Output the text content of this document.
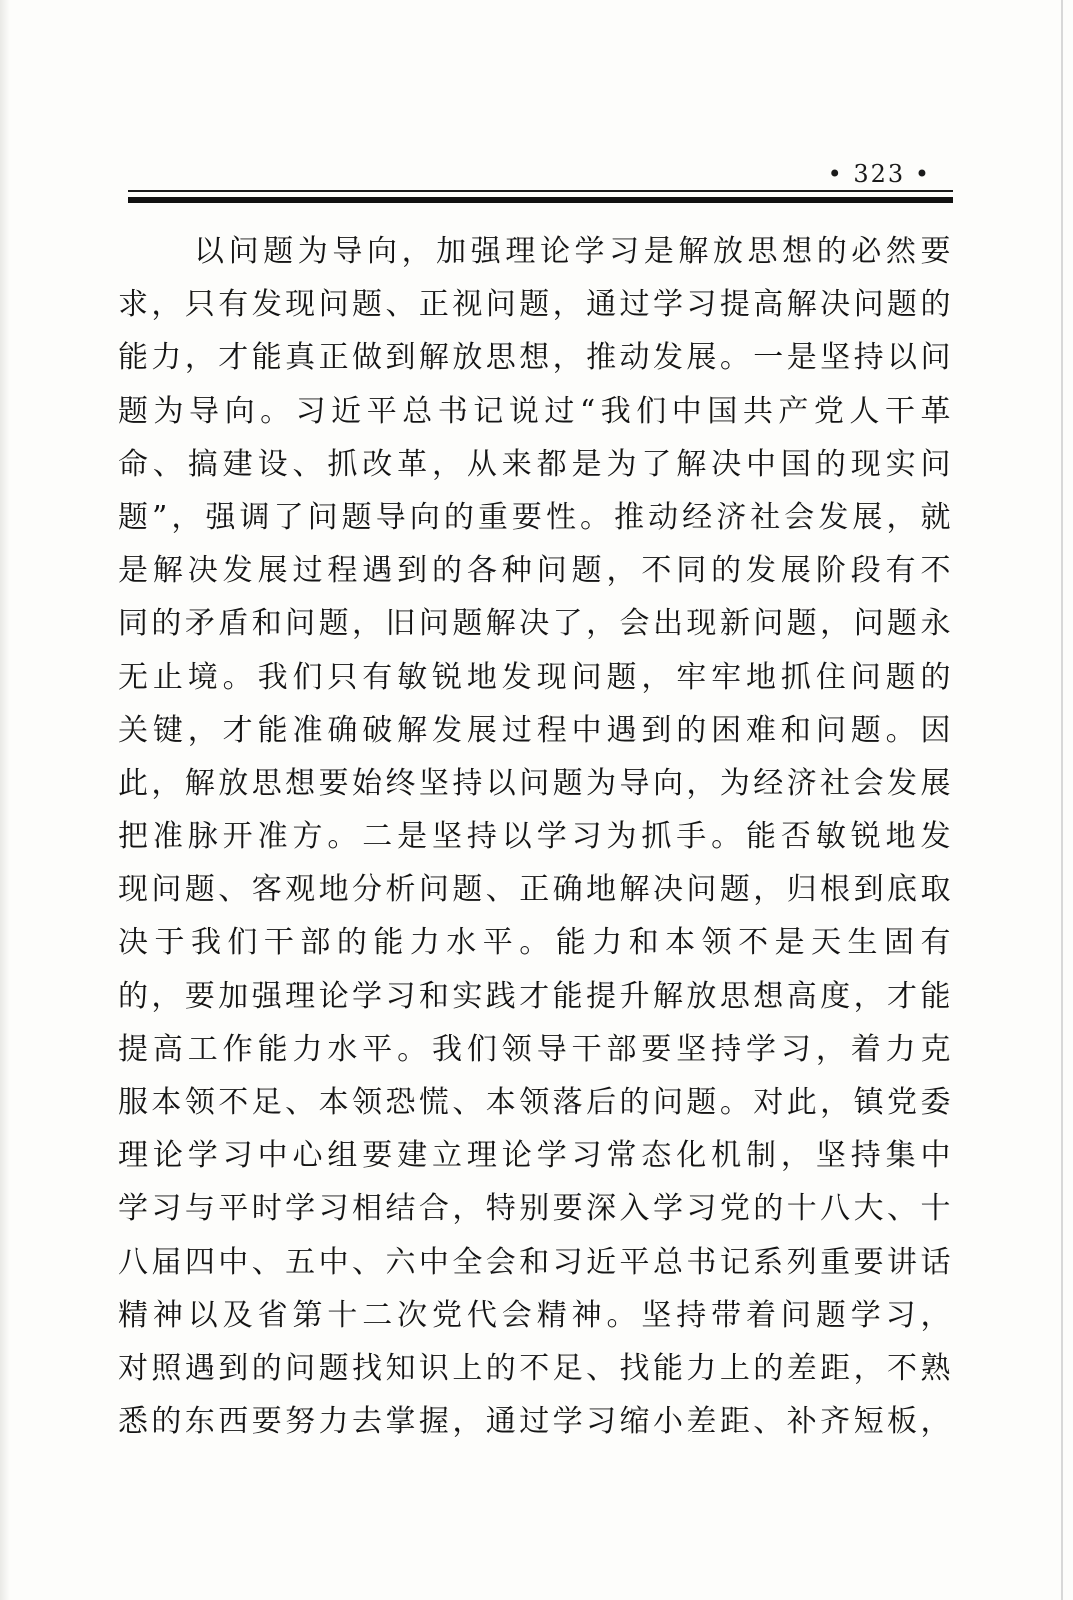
• 323 •
以问题为导向，加强理论学习是解放思想的必然要
求，只有发现问题、正视问题，通过学习提高解决问题的
能力，才能真正做到解放思想，推动发展。一是坚持以问
题为导向。习近平总书记说过“我们中国共产党人干革
命、搞建设、抓改革，从来都是为了解决中国的现实问
题”，强调了问题导向的重要性。推动经济社会发展，就
是解决发展过程遇到的各种问题，不同的发展阶段有不
同的矛盾和问题，旧问题解决了，会出现新问题，问题永
无止境。我们只有敏锐地发现问题，牢牢地抓住问题的
关键，才能准确破解发展过程中遇到的困难和问题。因
此，解放思想要始终坚持以问题为导向，为经济社会发展
把准脉开准方。二是坚持以学习为抓手。能否敏锐地发
现问题、客观地分析问题、正确地解决问题，归根到底取
决于我们干部的能力水平。能力和本领不是天生固有
的，要加强理论学习和实践才能提升解放思想高度，才能
提高工作能力水平。我们领导干部要坚持学习，着力克
服本领不足、本领恐慌、本领落后的问题。对此，镇党委
理论学习中心组要建立理论学习常态化机制，坚持集中
学习与平时学习相结合，特别要深入学习党的十八大、十
八届四中、五中、六中全会和习近平总书记系列重要讲话
精神以及省第十二次党代会精神。坚持带着问题学习，
对照遇到的问题找知识上的不足、找能力上的差距，不熟
悉的东西要努力去掌握，通过学习缩小差距、补齐短板，
